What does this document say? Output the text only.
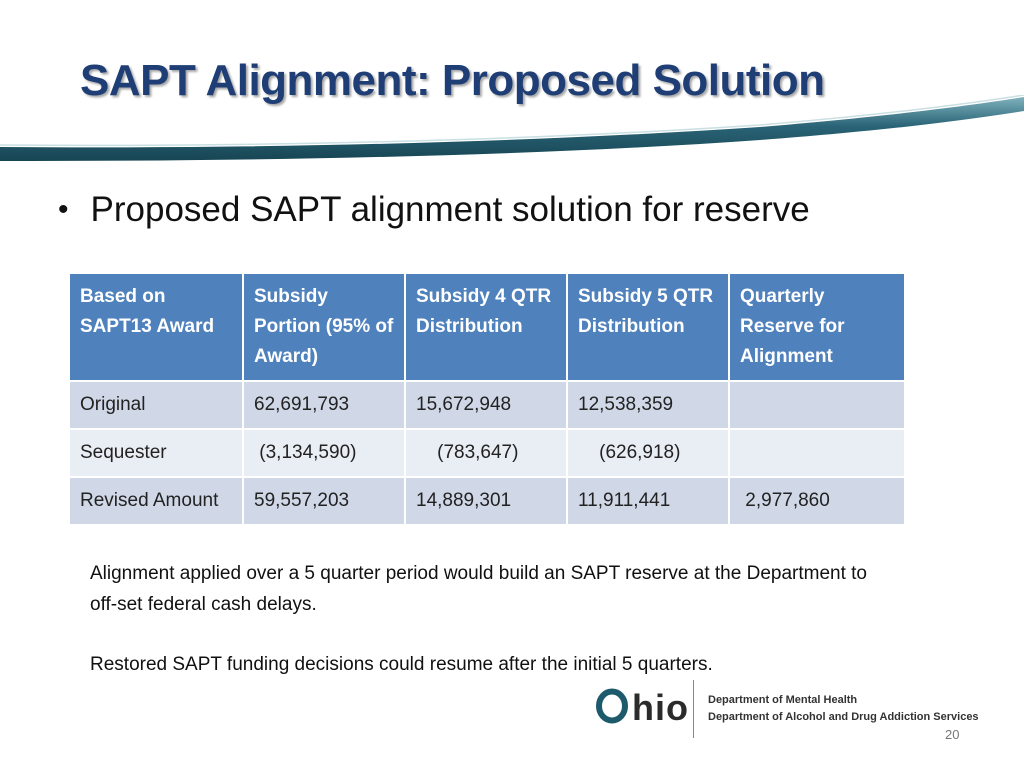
SAPT Alignment: Proposed Solution
• Proposed SAPT alignment solution for reserve
Based on SAPT13 Award	Subsidy Portion (95% of Award)	Subsidy 4 QTR Distribution	Subsidy 5 QTR Distribution	Quarterly Reserve for Alignment
Original	62,691,793	15,672,948	12,538,359	
Sequester	(3,134,590)	(783,647)	(626,918)	
Revised Amount	59,557,203	14,889,301	11,911,441	2,977,860

Alignment applied over a 5 quarter period would build an SAPT reserve at the Department to off-set federal cash delays.

Restored SAPT funding decisions could resume after the initial 5 quarters.

hio Department of Mental Health
Department of Alcohol and Drug Addiction Services
20
